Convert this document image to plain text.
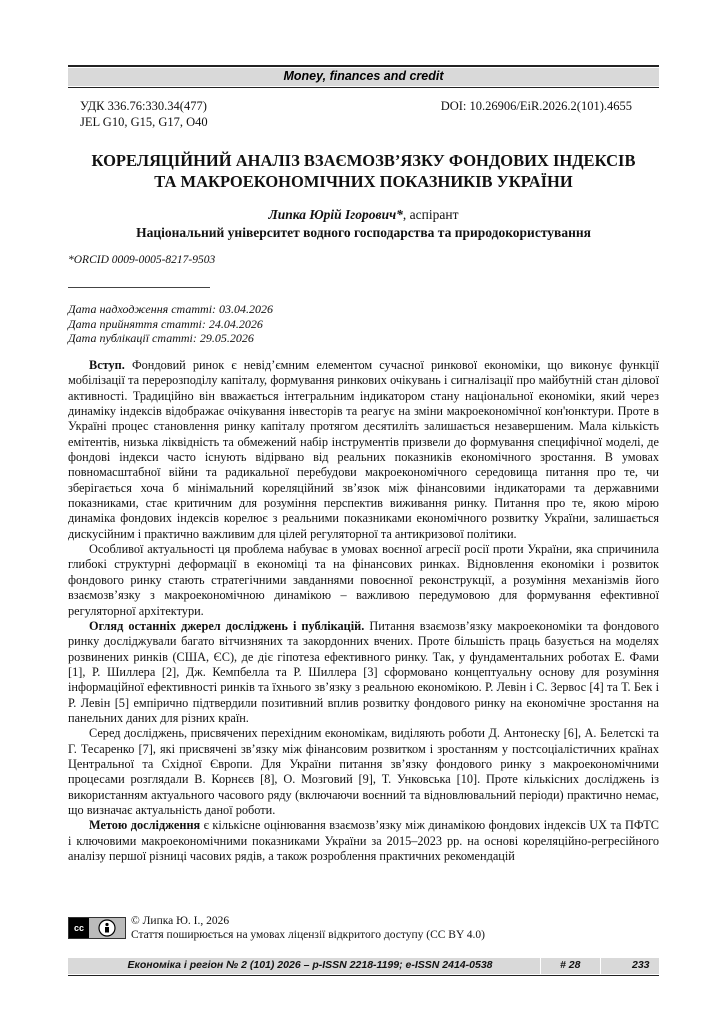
Money, finances and credit
УДК 336.76:330.34(477)
JEL G10, G15, G17, O40
DOI: 10.26906/EiR.2026.2(101).4655
КОРЕЛЯЦІЙНИЙ АНАЛІЗ ВЗАЄМОЗВ’ЯЗКУ ФОНДОВИХ ІНДЕКСІВ
ТА МАКРОЕКОНОМІЧНИХ ПОКАЗНИКІВ УКРАЇНИ
Липка Юрій Ігорович*, аспірант
Національний університет водного господарства та природокористування
*ORCID 0009-0005-8217-9503
Дата надходження статті: 03.04.2026
Дата прийняття статті: 24.04.2026
Дата публікації статті: 29.05.2026

Вступ. Фондовий ринок є невід’ємним елементом сучасної ринкової економіки, що виконує функції мобілізації та перерозподілу капіталу, формування ринкових очікувань і сигналізації про майбутній стан ділової активності. Традиційно він вважається інтегральним індикатором стану національної економіки, який через динаміку індексів відображає очікування інвесторів та реагує на зміни макроекономічної кон'юнктури. Проте в Україні процес становлення ринку капіталу протягом десятиліть залишається незавершеним. Мала кількість емітентів, низька ліквідність та обмежений набір інструментів призвели до формування специфічної моделі, де фондові індекси часто існують відірвано від реальних показників економічного зростання. В умовах повномасштабної війни та радикальної перебудови макроекономічного середовища питання про те, чи зберігається хоча б мінімальний кореляційний зв’язок між фінансовими індикаторами та державними показниками, стає критичним для розуміння перспектив виживання ринку. Питання про те, якою мірою динаміка фондових індексів корелює з реальними показниками економічного розвитку України, залишається дискусійним і практично важливим для цілей регуляторної та антикризової політики.

Особливої актуальності ця проблема набуває в умовах воєнної агресії росії проти України, яка спричинила глибокі структурні деформації в економіці та на фінансових ринках. Відновлення економіки і розвиток фондового ринку стають стратегічними завданнями повоєнної реконструкції, а розуміння механізмів його взаємозв’язку з макроекономічною динамікою – важливою передумовою для формування ефективної регуляторної архітектури.

Огляд останніх джерел досліджень і публікацій. Питання взаємозв’язку макроекономіки та фондового ринку досліджували багато вітчизняних та закордонних вчених. Проте більшість праць базується на моделях розвинених ринків (США, ЄС), де діє гіпотеза ефективного ринку. Так, у фундаментальних роботах Е. Фами [1], Р. Шиллера [2], Дж. Кемпбелла та Р. Шиллера [3] сформовано концептуальну основу для розуміння інформаційної ефективності ринків та їхнього зв’язку з реальною економікою. Р. Левін і С. Зервос [4] та Т. Бек і Р. Левін [5] емпірично підтвердили позитивний вплив розвитку фондового ринку на економічне зростання на панельних даних для різних країн.

Серед досліджень, присвячених перехідним економікам, виділяють роботи Д. Антонеску [6], А. Белетскі та Г. Тесаренко [7], які присвячені зв’язку між фінансовим розвитком і зростанням у постсоціалістичних країнах Центральної та Східної Європи. Для України питання зв’язку фондового ринку з макроекономічними процесами розглядали В. Корнєєв [8], О. Мозговий [9], Т. Унковська [10]. Проте кількісних досліджень із використанням актуального часового ряду (включаючи воєнний та відновлювальний періоди) практично немає, що визначає актуальність даної роботи.

Метою дослідження є кількісне оцінювання взаємозв’язку між динамікою фондових індексів UX та ПФТС і ключовими макроекономічними показниками України за 2015–2023 рр. на основі кореляційно-регресійного аналізу першої різниці часових рядів, а також розроблення практичних рекомендацій

cc
© Липка Ю. І., 2026
Стаття поширюється на умовах ліцензії відкритого доступу (CC BY 4.0)
Економіка і регіон № 2 (101) 2026 – p-ISSN 2218-1199; e-ISSN 2414-0538	# 28	233
